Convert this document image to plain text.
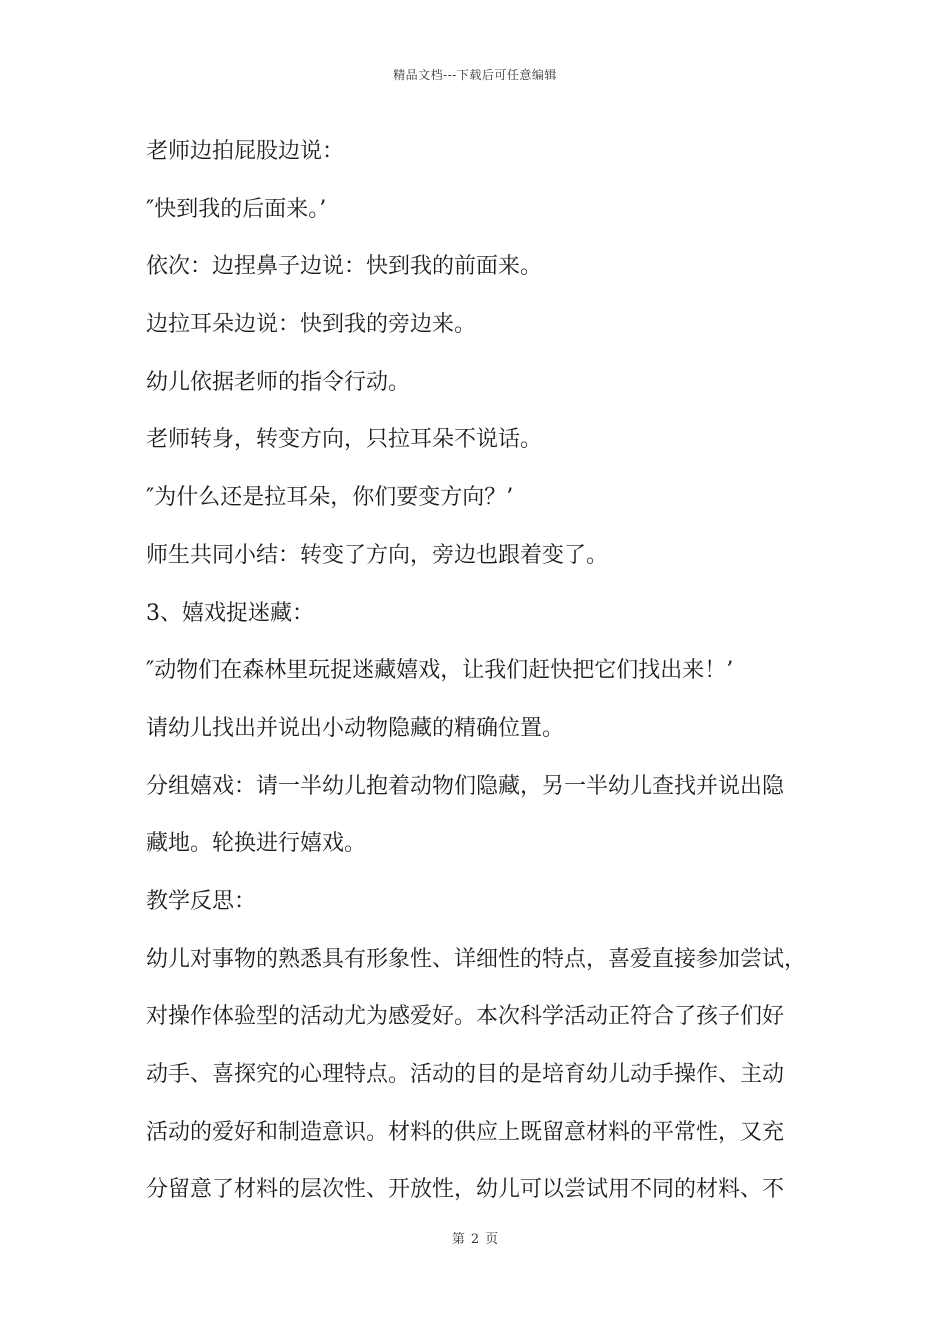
精品文档---下载后可任意编辑
老师边拍屁股边说：
″快到我的后面来。’
依次：边捏鼻子边说：快到我的前面来。
边拉耳朵边说：快到我的旁边来。
幼儿依据老师的指令行动。
老师转身，转变方向，只拉耳朵不说话。
″为什么还是拉耳朵，你们要变方向？’
师生共同小结：转变了方向，旁边也跟着变了。
3、嬉戏捉迷藏：
″动物们在森林里玩捉迷藏嬉戏，让我们赶快把它们找出来！’
请幼儿找出并说出小动物隐藏的精确位置。
分组嬉戏：请一半幼儿抱着动物们隐藏，另一半幼儿查找并说出隐
藏地。轮换进行嬉戏。
教学反思：
幼儿对事物的熟悉具有形象性、详细性的特点，喜爱直接参加尝试，
对操作体验型的活动尤为感爱好。本次科学活动正符合了孩子们好
动手、喜探究的心理特点。活动的目的是培育幼儿动手操作、主动
活动的爱好和制造意识。材料的供应上既留意材料的平常性，又充
分留意了材料的层次性、开放性，幼儿可以尝试用不同的材料、不
第 2 页
